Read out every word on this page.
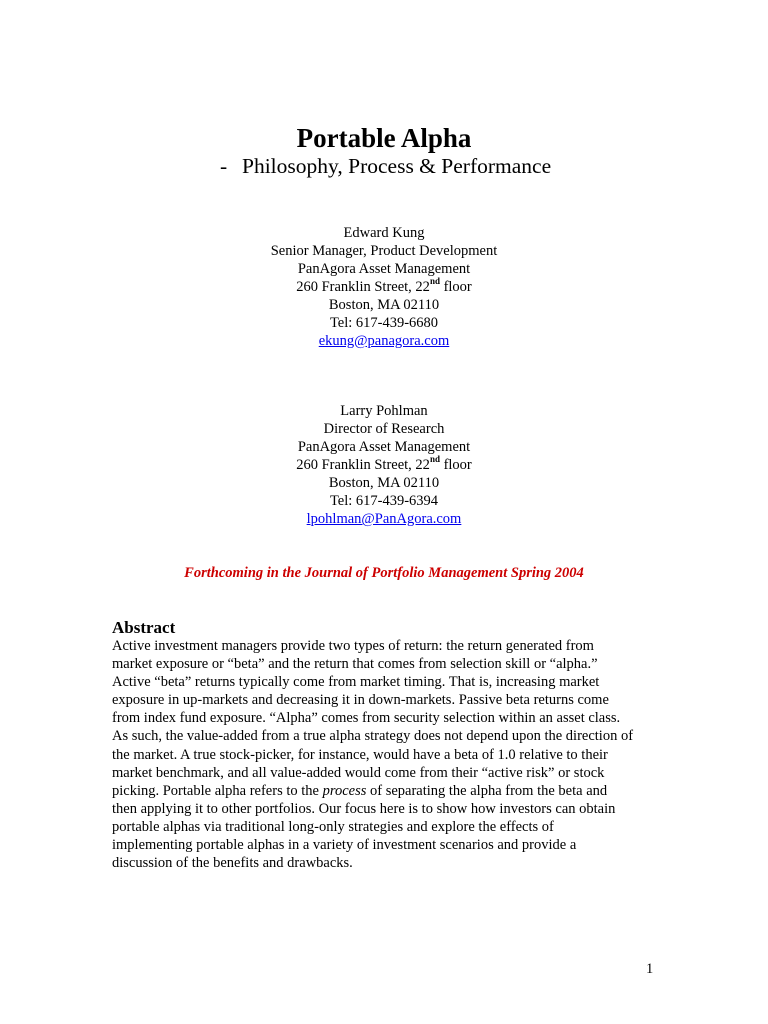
Portable Alpha
- Philosophy, Process & Performance
Edward Kung
Senior Manager, Product Development
PanAgora Asset Management
260 Franklin Street, 22nd floor
Boston, MA 02110
Tel: 617-439-6680
ekung@panagora.com
Larry Pohlman
Director of Research
PanAgora Asset Management
260 Franklin Street, 22nd floor
Boston, MA 02110
Tel: 617-439-6394
lpohlman@PanAgora.com
Forthcoming in the Journal of Portfolio Management Spring 2004
Abstract
Active investment managers provide two types of return: the return generated from
market exposure or “beta” and the return that comes from selection skill or “alpha.”
Active “beta” returns typically come from market timing. That is, increasing market
exposure in up-markets and decreasing it in down-markets. Passive beta returns come
from index fund exposure. “Alpha” comes from security selection within an asset class.
As such, the value-added from a true alpha strategy does not depend upon the direction of
the market. A true stock-picker, for instance, would have a beta of 1.0 relative to their
market benchmark, and all value-added would come from their “active risk” or stock
picking. Portable alpha refers to the process of separating the alpha from the beta and
then applying it to other portfolios. Our focus here is to show how investors can obtain
portable alphas via traditional long-only strategies and explore the effects of
implementing portable alphas in a variety of investment scenarios and provide a
discussion of the benefits and drawbacks.
1
